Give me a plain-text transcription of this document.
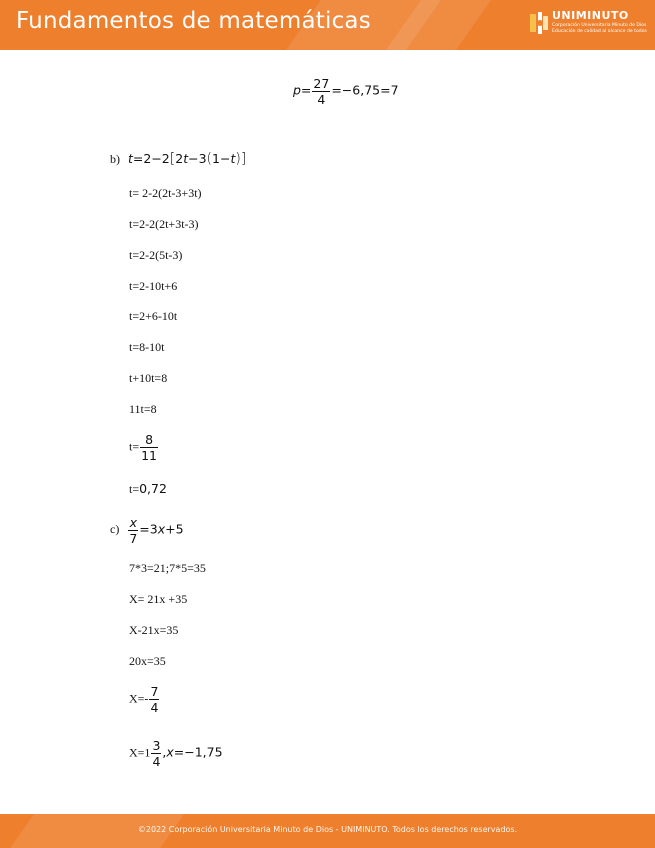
Fundamentos de matemáticas	UNIMINUTO
Corporación Universitaria Minuto de Dios
Educación de calidad al alcance de todos
$p= \frac{27}{4} =-6,75=7$
b) t=2−2[2t−3(1−t)]
t= 2-2(2t-3+3t)
t=2-2(2t+3t-3)
t=2-2(5t-3)
t=2-10t+6
t=2+6-10t
t=8-10t
t+10t=8
11t=8
$t= \frac{8}{11}$
t=0,72
$c) \frac{x}{7} =3x+5$
7*3=21;7*5=35
X= 21x +35
X-21x=35
20x=35
$X=- \frac{7}{4}$
$X=1 \frac{3}{4} ,x=-1,75$
©2022 Corporación Universitaria Minuto de Dios - UNIMINUTO. Todos los derechos reservados.
